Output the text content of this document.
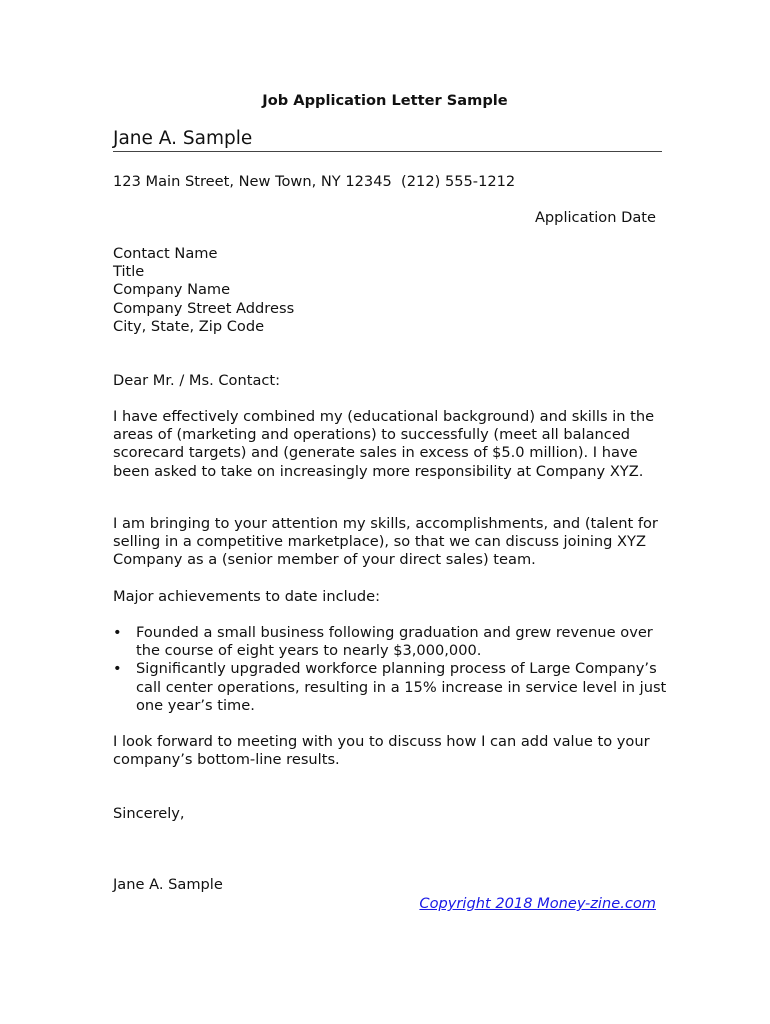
Job Application Letter Sample
Jane A. Sample
123 Main Street, New Town, NY 12345  (212) 555-1212
Application Date
Contact Name
Title
Company Name
Company Street Address
City, State, Zip Code
Dear Mr. / Ms. Contact:

I have effectively combined my (educational background) and skills in the areas of (marketing and operations) to successfully (meet all balanced scorecard targets) and (generate sales in excess of $5.0 million). I have been asked to take on increasingly more responsibility at Company XYZ.

I am bringing to your attention my skills, accomplishments, and (talent for selling in a competitive marketplace), so that we can discuss joining XYZ Company as a (senior member of your direct sales) team.

Major achievements to date include:

• Founded a small business following graduation and grew revenue over the course of eight years to nearly $3,000,000.
• Significantly upgraded workforce planning process of Large Company’s call center operations, resulting in a 15% increase in service level in just one year’s time.

I look forward to meeting with you to discuss how I can add value to your company’s bottom-line results.

Sincerely,
Jane A. Sample
Copyright 2018 Money-zine.com
